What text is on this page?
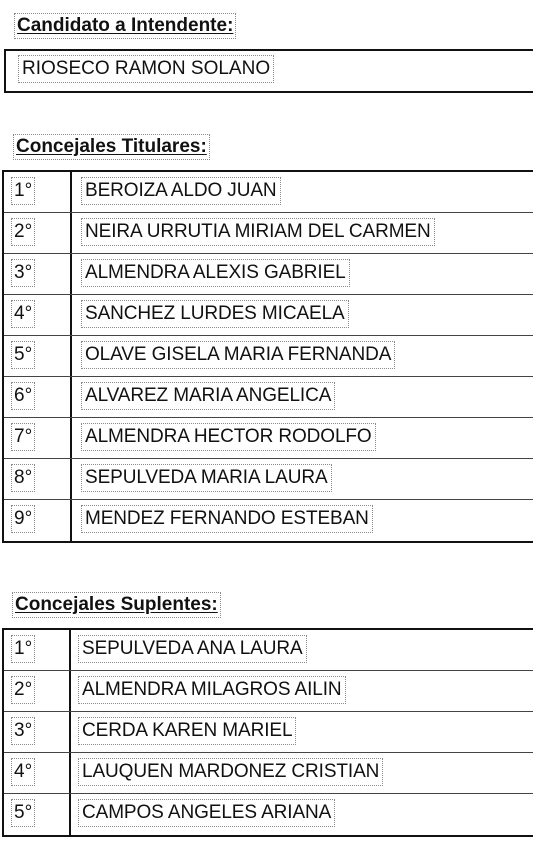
Candidato a Intendente:
RIOSECO RAMON SOLANO
Concejales Titulares:
1°	BEROIZA ALDO JUAN
2°	NEIRA URRUTIA MIRIAM DEL CARMEN
3°	ALMENDRA ALEXIS GABRIEL
4°	SANCHEZ LURDES MICAELA
5°	OLAVE GISELA MARIA FERNANDA
6°	ALVAREZ MARIA ANGELICA
7°	ALMENDRA HECTOR RODOLFO
8°	SEPULVEDA MARIA LAURA
9°	MENDEZ FERNANDO ESTEBAN
Concejales Suplentes:
1°	SEPULVEDA ANA LAURA
2°	ALMENDRA MILAGROS AILIN
3°	CERDA KAREN MARIEL
4°	LAUQUEN MARDONEZ CRISTIAN
5°	CAMPOS ANGELES ARIANA
